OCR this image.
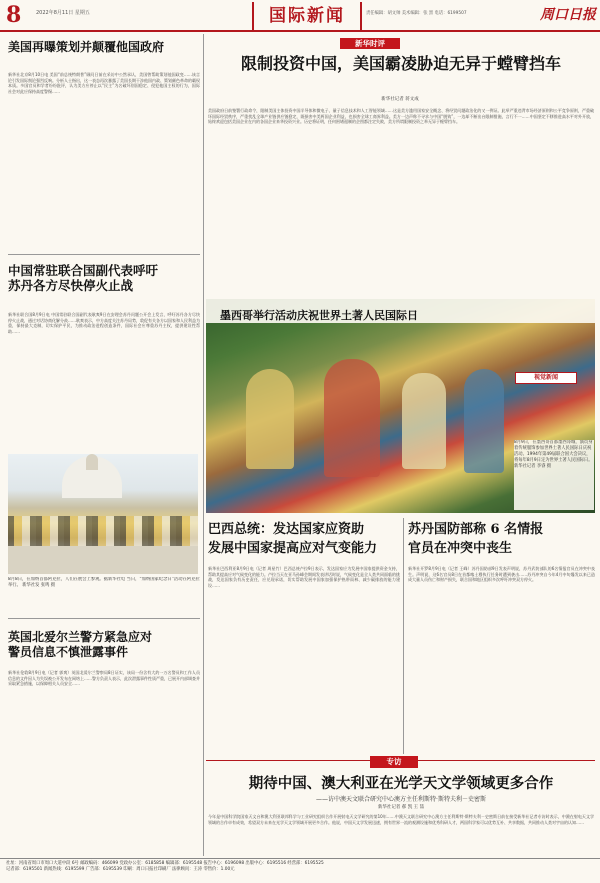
8	2022年8月11日 星期五	国际新闻	责任编辑：胡文帅 美术编辑：张 黑 电话：6199507	周口日报
美国再曝策划并颠覆他国政府
新华社北京8月10日电 美国“前总统特朗普”顾问日前在采访中公然承认，美国曾帮助策划他国政变……该言论引发国际舆论强烈反响。分析人士指出，这一表态再次暴露了美国长期干涉他国内政、策划颜色革命的霸权本质。多国官员和学者纷纷批评，认为美方应停止以“民主”为名破坏别国稳定、侵犯他国主权的行为，国际社会对此应保持高度警惕……
中国常驻联合国副代表呼吁
苏丹各方尽快停火止战
新华社联合国8月9日电 中国常驻联合国副代表耿爽9日在安理会苏丹问题公开会上发言，呼吁苏丹各方尽快停火止战，通过对话协商化解分歧……耿爽表示，中方高度关注苏丹局势，敦促有关各方以国家和人民利益为重，保持最大克制，切实保护平民，为推动政治进程创造条件，国际社会应尊重苏丹主权，提供建设性帮助……
8月8日，在加纳首都阿克拉，人们在展会上参观。据新华社电 当日，“加纳国家纪念日”活动在阿克拉举行。 新华社发 张鸣 摄
英国北爱尔兰警方紧急应对
警员信息不慎泄露事件
新华社伦敦8月9日电（记者 郭爽）英国北爱尔兰警察局8日证实，该局一份含有大约一万名警员和工作人员信息的文件因人为失误被公开发布在网络上……警方负责人表示，此次泄露事件性质严重，已展开内部调查并采取紧急措施，以保障相关人员安全……
新华时评
限制投资中国，美国霸凌胁迫无异于螳臂挡车
新华社记者 蒋文成
美国政府日前签署行政命令，限制美国主体投资中国半导体和微电子、量子信息技术和人工智能领域……这是美方滥用国家安全概念、将经贸问题政治化的又一例证。此举严重违背市场经济原则和公平竞争原则，严重破坏国际经贸秩序，严重扰乱全球产业链供应链稳定，既损害中美两国企业利益，也损害全球工商界利益。美方一边声称不寻求与中国“脱钩”，一边却不断出台限制措施，言行不一……中国坚定不移推进高水平对外开放，始终欢迎包括美国企业在内的各国企业来华投资兴业。历史将证明，任何围堵遏制的企图都注定失败，美方所谓限制投资之举无异于螳臂挡车。
墨西哥举行活动庆祝世界土著人民国际日
视觉新闻
8月9日，在墨西哥首都墨西哥城，演员身着传统服饰参加世界土著人民国际日庆祝活动。1994年第49届联合国大会决议，将每年8月9日定为世界土著人民国际日。 新华社记者 李睿 摄
巴西总统：发达国家应资助
发展中国家提高应对气变能力
新华社巴西利亚8月9日电（记者 周星竹）巴西总统卢拉9日表示，发达国家应为发展中国家提供资金支持，帮助其提高应对气候变化的能力。卢拉当天在亚马孙峰会期间发表讲话时说，气候变化是全人类共同面临的挑战，发达国家负有历史责任，应兑现承诺，切实帮助发展中国家加强保护热带雨林、减少碳排放的能力建设……
苏丹国防部称 6 名情报
官员在冲突中丧生
新华社开罗8月9日电（记者 王峰）苏丹国防部9日发表声明说，苏丹武装部队的6名情报官员在冲突中丧生。声明说，这6名官员8日在首都喀土穆执行任务时遭到袭击……苏丹冲突自今年4月中旬爆发以来已造成大量人员伤亡和财产损失，联合国和地区组织多次呼吁冲突双方停火。
专访
期待中国、澳大利亚在光学天文学领域更多合作
——访中澳天文联合研究中心澳方主任利斯特·斯特夫利－史密斯
新华社记者 郝 凯 王 喆
今年是中国科学院国家天文台和澳大利亚联邦科学与工业研究组织合作开展射电天文学研究的第10年……中澳天文联合研究中心澳方主任利斯特·斯特夫利－史密斯日前在接受新华社记者专访时表示，中澳在射电天文学领域的合作卓有成效，希望双方未来在光学天文学领域开展更多合作。他说，中国天文学发展迅速，拥有世界一流的观测设施和优秀科研人才，两国科学家可以优势互补、共享数据，共同推动人类对宇宙的认知……
社址：河南省周口市周口大道中段 6号 邮政编码：466099 党政办公室：6185858 编辑部：6195548 报告中心：6196098 出版中心：6195516 经营部：6195525
记者部：6195501 新闻热线：6195599 广告部：6195539 印刷：周口日报社印刷厂 法律顾问：王涛 零售价：1.00元
